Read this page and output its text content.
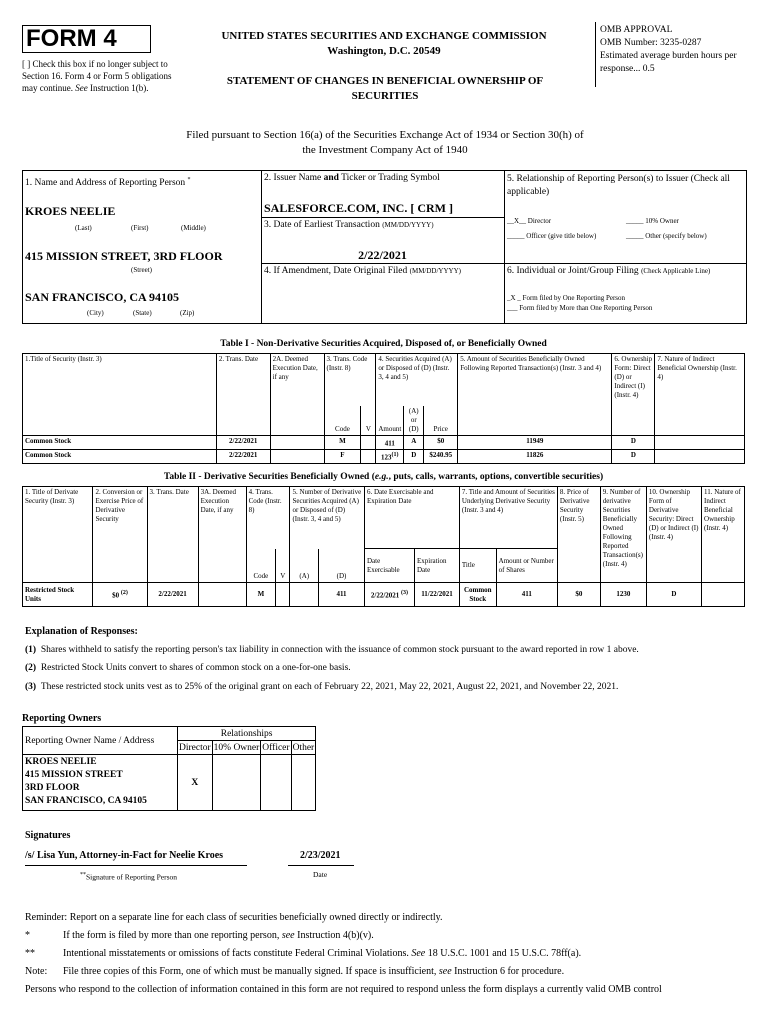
FORM 4
[ ] Check this box if no longer subject to Section 16. Form 4 or Form 5 obligations may continue. See Instruction 1(b).
UNITED STATES SECURITIES AND EXCHANGE COMMISSION
Washington, D.C. 20549
STATEMENT OF CHANGES IN BENEFICIAL OWNERSHIP OF SECURITIES
OMB APPROVAL
OMB Number: 3235-0287
Estimated average burden hours per response... 0.5
Filed pursuant to Section 16(a) of the Securities Exchange Act of 1934 or Section 30(h) of the Investment Company Act of 1940
1. Name and Address of Reporting Person *
KROES NEELIE
(Last)	(First)	(Middle)
415 MISSION STREET, 3RD FLOOR
(Street)
SAN FRANCISCO, CA 94105
(City)	(State)	(Zip)
2. Issuer Name and Ticker or Trading Symbol
SALESFORCE.COM, INC. [ CRM ]
3. Date of Earliest Transaction (MM/DD/YYYY)
2/22/2021
4. If Amendment, Date Original Filed (MM/DD/YYYY)
5. Relationship of Reporting Person(s) to Issuer (Check all applicable)
__X__ Director	_____ 10% Owner
_____ Officer (give title below)	_____ Other (specify below)
6. Individual or Joint/Group Filing (Check Applicable Line)
_X _ Form filed by One Reporting Person
___ Form filed by More than One Reporting Person
Table I - Non-Derivative Securities Acquired, Disposed of, or Beneficially Owned
1.Title of Security (Instr. 3)	2. Trans. Date	2A. Deemed Execution Date, if any	3. Trans. Code (Instr. 8)		4. Securities Acquired (A) or Disposed of (D) (Instr. 3, 4 and 5)			5. Amount of Securities Beneficially Owned Following Reported Transaction(s) (Instr. 3 and 4)	6. Ownership Form: Direct (D) or Indirect (I) (Instr. 4)	7. Nature of Indirect Beneficial Ownership (Instr. 4)
			Code	V	Amount	(A) or (D)	Price			
Common Stock	2/22/2021		M		411	A	$0	11949	D	
Common Stock	2/22/2021		F		123$^{(1)}$	D	$240.95	11826	D	
Table II - Derivative Securities Beneficially Owned (e.g., puts, calls, warrants, options, convertible securities)
1. Title of Derivate Security (Instr. 3)	2. Conversion or Exercise Price of Derivative Security	3. Trans. Date	3A. Deemed Execution Date, if any	4. Trans. Code (Instr. 8)		5. Number of Derivative Securities Acquired (A) or Disposed of (D) (Instr. 3, 4 and 5)		6. Date Exercisable and Expiration Date		7. Title and Amount of Securities Underlying Derivative Security (Instr. 3 and 4)		8. Price of Derivative Security (Instr. 5)	9. Number of derivative Securities Beneficially Owned Following Reported Transaction(s) (Instr. 4)	10. Ownership Form of Derivative Security: Direct (D) or Indirect (I) (Instr. 4)	11. Nature of Indirect Beneficial Ownership (Instr. 4)
				Code	V	(A)	(D)	Date Exercisable	Expiration Date	Title	Amount or Number of Shares				
Restricted Stock Units	$0 $^{(2)}$	2/22/2021		M			411	2/22/2021 $^{(3)}$	11/22/2021	Common Stock	411	$0	1230	D	
Explanation of Responses:
(1) Shares withheld to satisfy the reporting person's tax liability in connection with the issuance of common stock pursuant to the award reported in row 1 above.
(2) Restricted Stock Units convert to shares of common stock on a one-for-one basis.
(3) These restricted stock units vest as to 25% of the original grant on each of February 22, 2021, May 22, 2021, August 22, 2021, and November 22, 2021.
Reporting Owners
Reporting Owner Name / Address	Relationships			
	Director	10% Owner	Officer	Other

KROES NEELIE
415 MISSION STREET
3RD FLOOR
SAN FRANCISCO, CA 94105	X			
Signatures
/s/ Lisa Yun, Attorney-in-Fact for Neelie Kroes	2/23/2021
**Signature of Reporting Person	Date
Reminder: Report on a separate line for each class of securities beneficially owned directly or indirectly.
*	If the form is filed by more than one reporting person, see Instruction 4(b)(v).
**	Intentional misstatements or omissions of facts constitute Federal Criminal Violations. See 18 U.S.C. 1001 and 15 U.S.C. 78ff(a).
Note: File three copies of this Form, one of which must be manually signed. If space is insufficient, see Instruction 6 for procedure.
Persons who respond to the collection of information contained in this form are not required to respond unless the form displays a currently valid OMB control
